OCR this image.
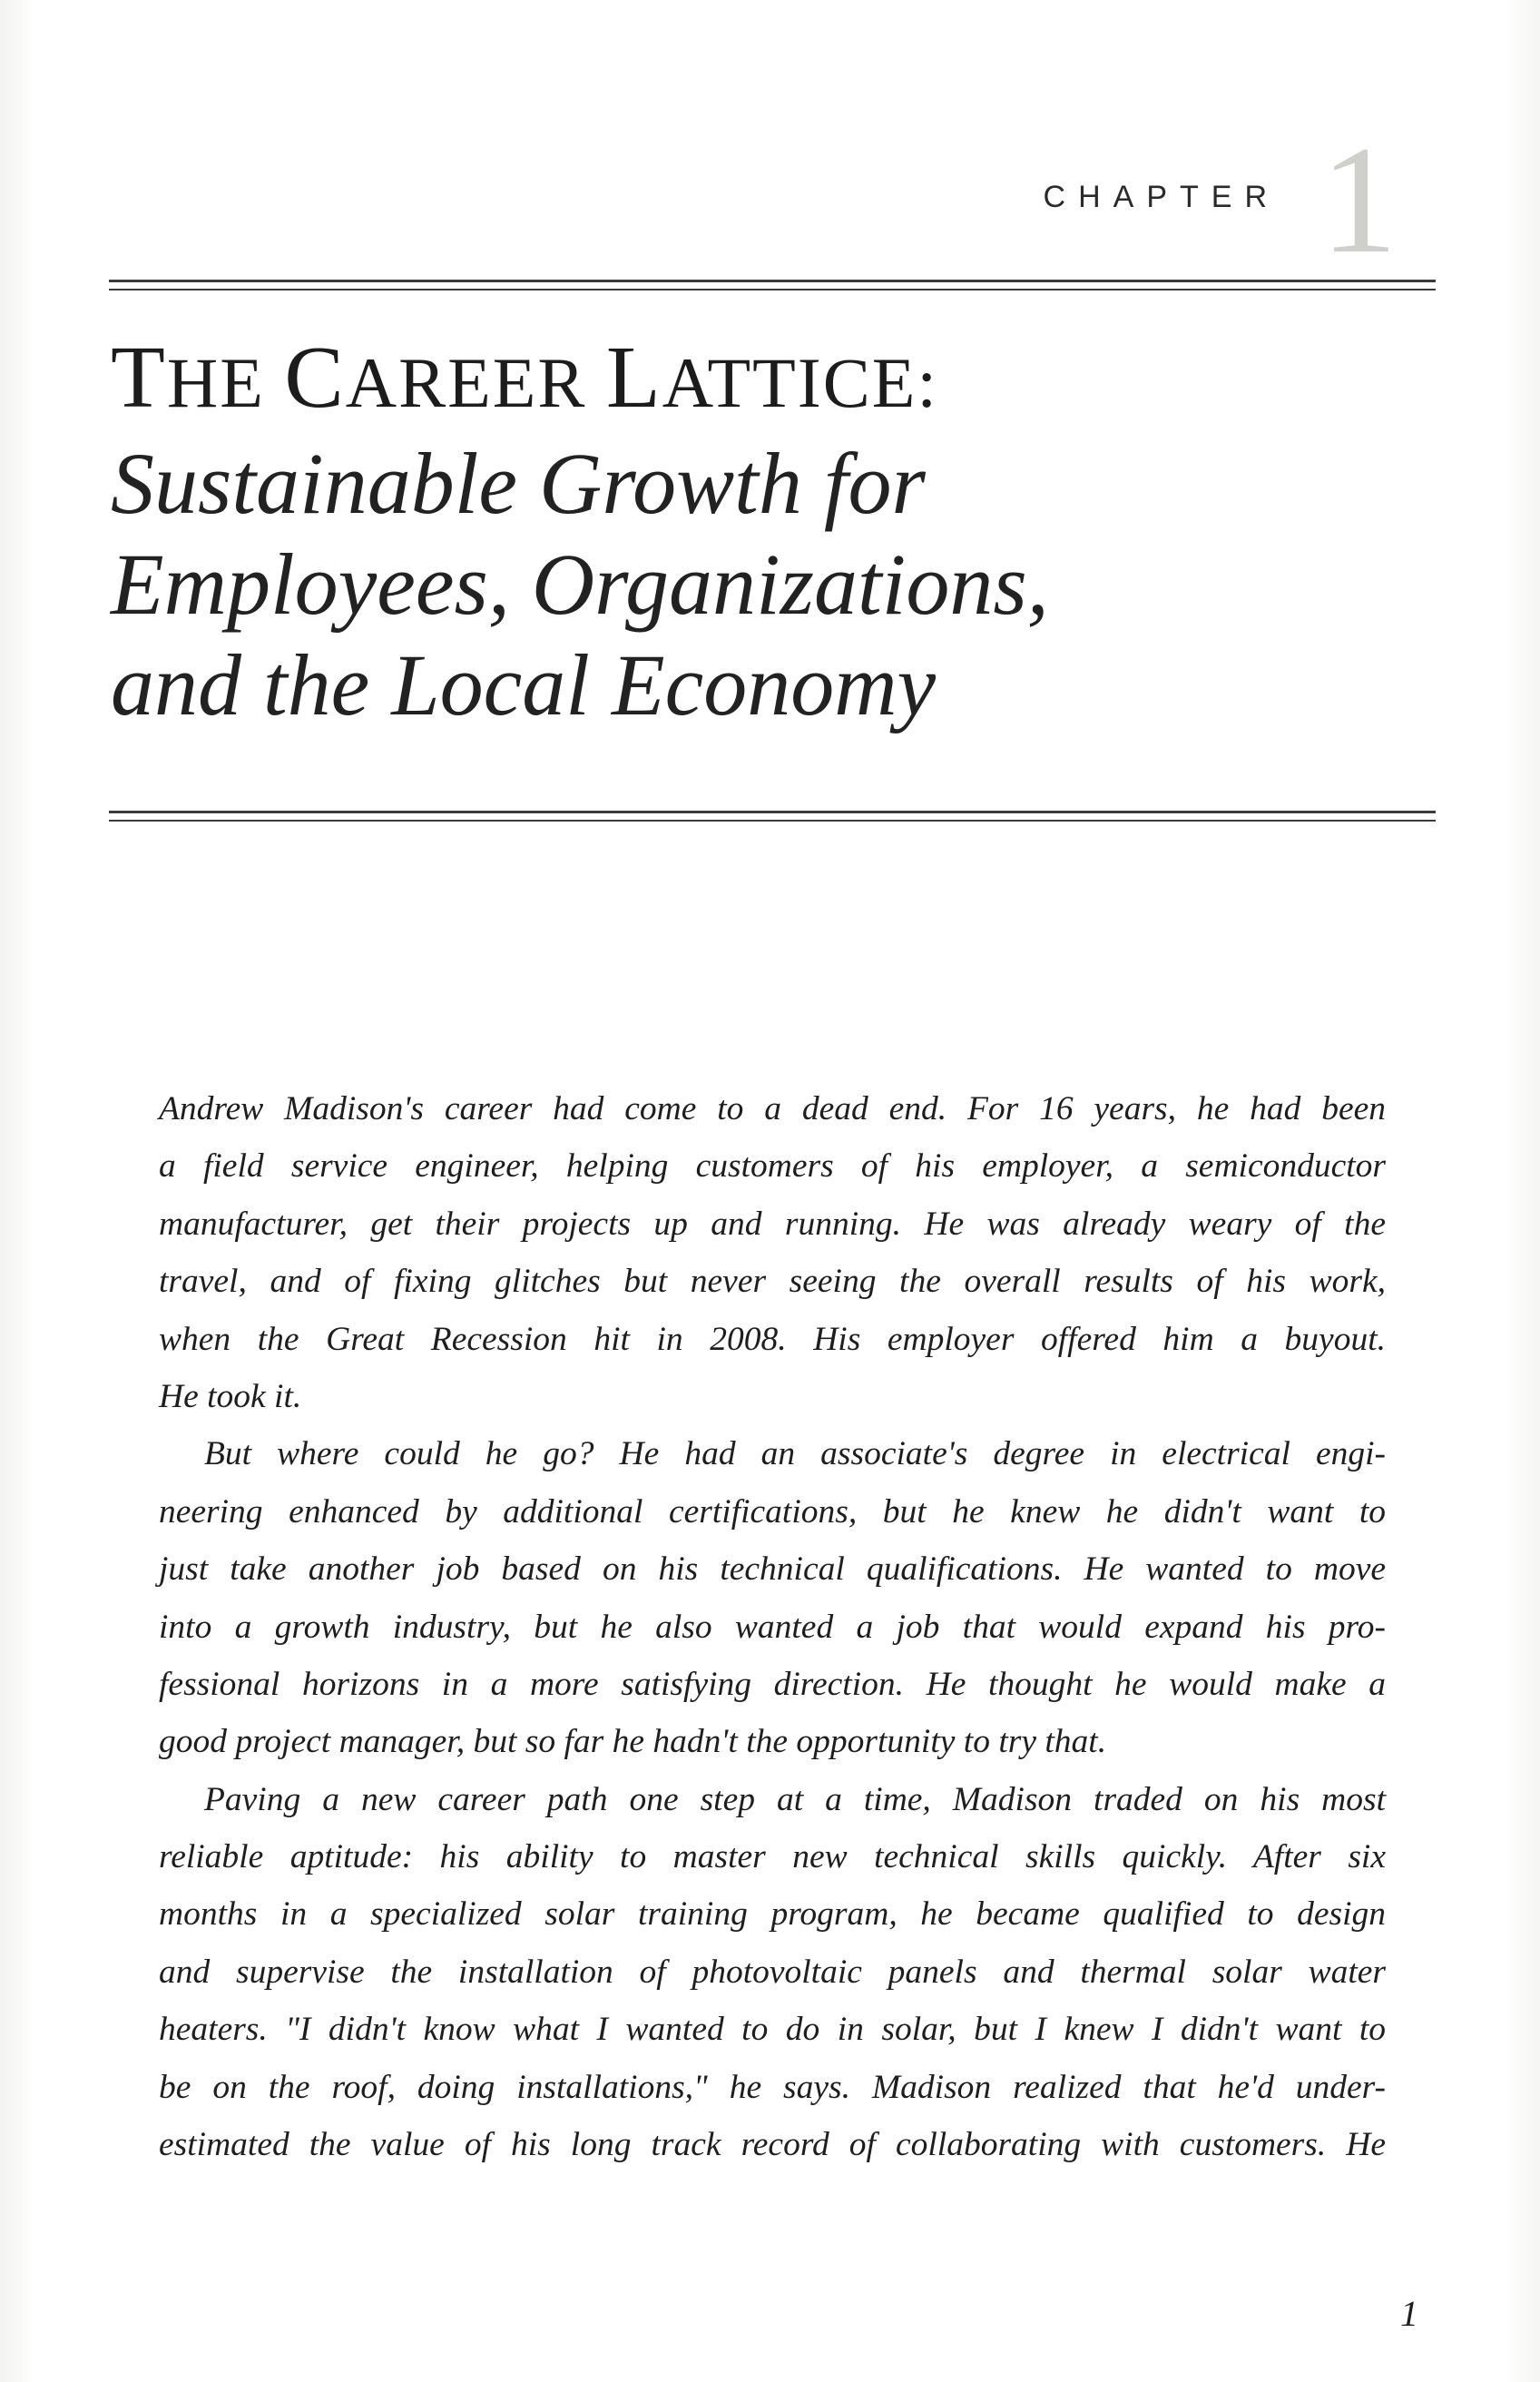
CHAPTER 1
THE CAREER LATTICE:
Sustainable Growth for
Employees, Organizations,
and the Local Economy
Andrew Madison's career had come to a dead end. For 16 years, he had been
a field service engineer, helping customers of his employer, a semiconductor
manufacturer, get their projects up and running. He was already weary of the
travel, and of fixing glitches but never seeing the overall results of his work,
when the Great Recession hit in 2008. His employer offered him a buyout.
He took it.
But where could he go? He had an associate's degree in electrical engi-
neering enhanced by additional certifications, but he knew he didn't want to
just take another job based on his technical qualifications. He wanted to move
into a growth industry, but he also wanted a job that would expand his pro-
fessional horizons in a more satisfying direction. He thought he would make a
good project manager, but so far he hadn't the opportunity to try that.
Paving a new career path one step at a time, Madison traded on his most
reliable aptitude: his ability to master new technical skills quickly. After six
months in a specialized solar training program, he became qualified to design
and supervise the installation of photovoltaic panels and thermal solar water
heaters. "I didn't know what I wanted to do in solar, but I knew I didn't want to
be on the roof, doing installations," he says. Madison realized that he'd under-
estimated the value of his long track record of collaborating with customers. He
1
